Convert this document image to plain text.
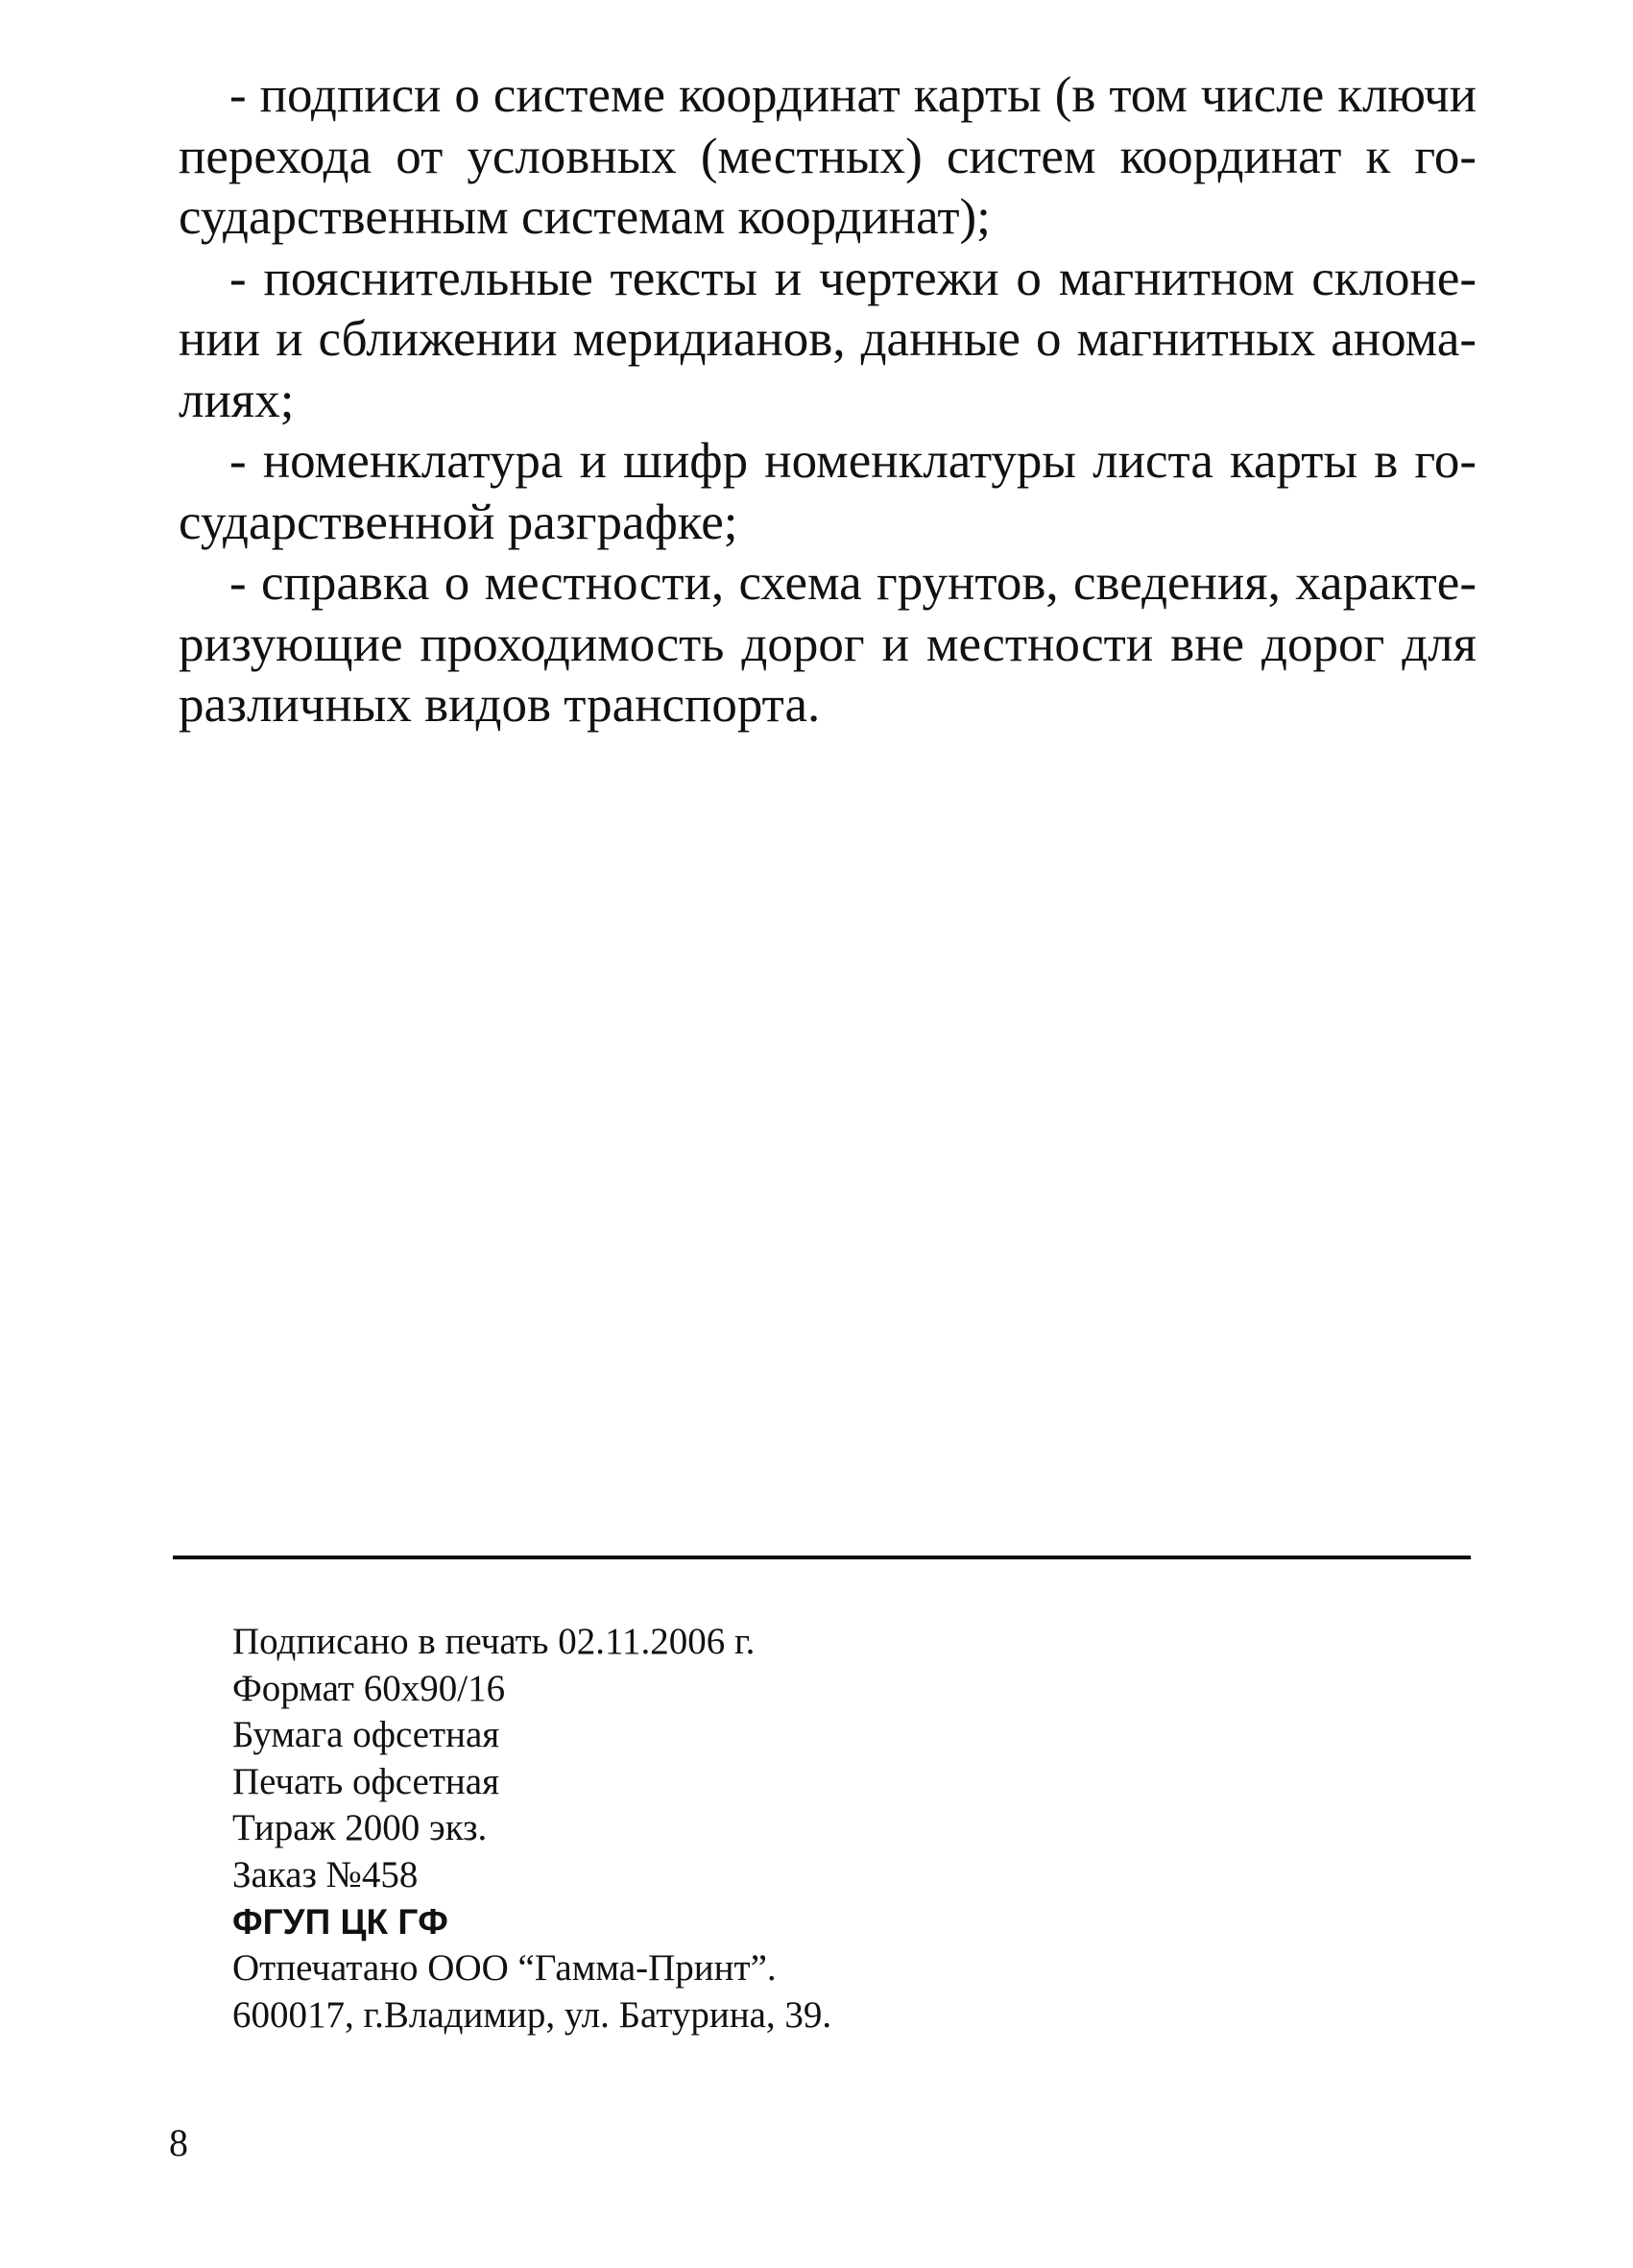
- подписи о системе координат карты (в том числе ключи перехода от условных (местных) систем координат к государственным системам координат);

- пояснительные тексты и чертежи о магнитном склонении и сближении меридианов, данные о магнитных аномалиях;

- номенклатура и шифр номенклатуры листа карты в государственной разграфке;

- справка о местности, схема грунтов, сведения, характеризующие проходимость дорог и местности вне дорог для различных видов транспорта.

Подписано в печать 02.11.2006 г.
Формат 60x90/16
Бумага офсетная
Печать офсетная
Тираж 2000 экз.
Заказ №458
ФГУП ЦК ГФ
Отпечатано ООО “Гамма-Принт”.
600017, г.Владимир, ул. Батурина, 39.
8
